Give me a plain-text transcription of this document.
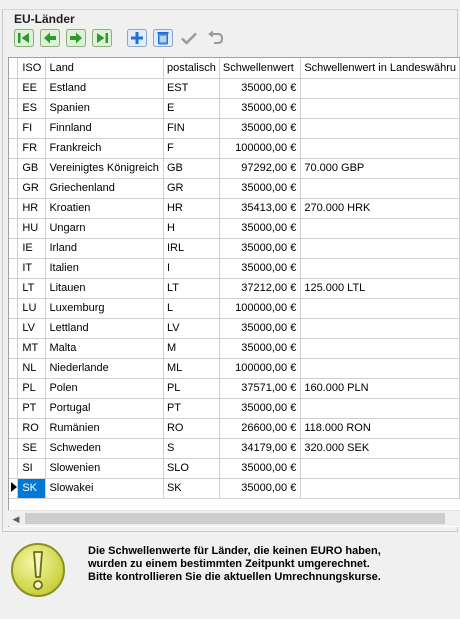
EU-Länder
	ISO	Land	postalisch	Schwellenwert	Schwellenwert in Landeswähru
	EE	Estland	EST	35000,00 €	
	ES	Spanien	E	35000,00 €	
	FI	Finnland	FIN	35000,00 €	
	FR	Frankreich	F	100000,00 €	
	GB	Vereinigtes Königreich	GB	97292,00 €	70.000 GBP
	GR	Griechenland	GR	35000,00 €	
	HR	Kroatien	HR	35413,00 €	270.000 HRK
	HU	Ungarn	H	35000,00 €	
	IE	Irland	IRL	35000,00 €	
	IT	Italien	I	35000,00 €	
	LT	Litauen	LT	37212,00 €	125.000 LTL
	LU	Luxemburg	L	100000,00 €	
	LV	Lettland	LV	35000,00 €	
	MT	Malta	M	35000,00 €	
	NL	Niederlande	ML	100000,00 €	
	PL	Polen	PL	37571,00 €	160.000 PLN
	PT	Portugal	PT	35000,00 €	
	RO	Rumänien	RO	26600,00 €	118.000 RON
	SE	Schweden	S	34179,00 €	320.000 SEK
	SI	Slowenien	SLO	35000,00 €	
	SK	Slowakei	SK	35000,00 €	
◀
Die Schwellenwerte für Länder, die keinen EURO haben,
wurden zu einem bestimmten Zeitpunkt umgerechnet.
Bitte kontrollieren Sie die aktuellen Umrechnungskurse.
